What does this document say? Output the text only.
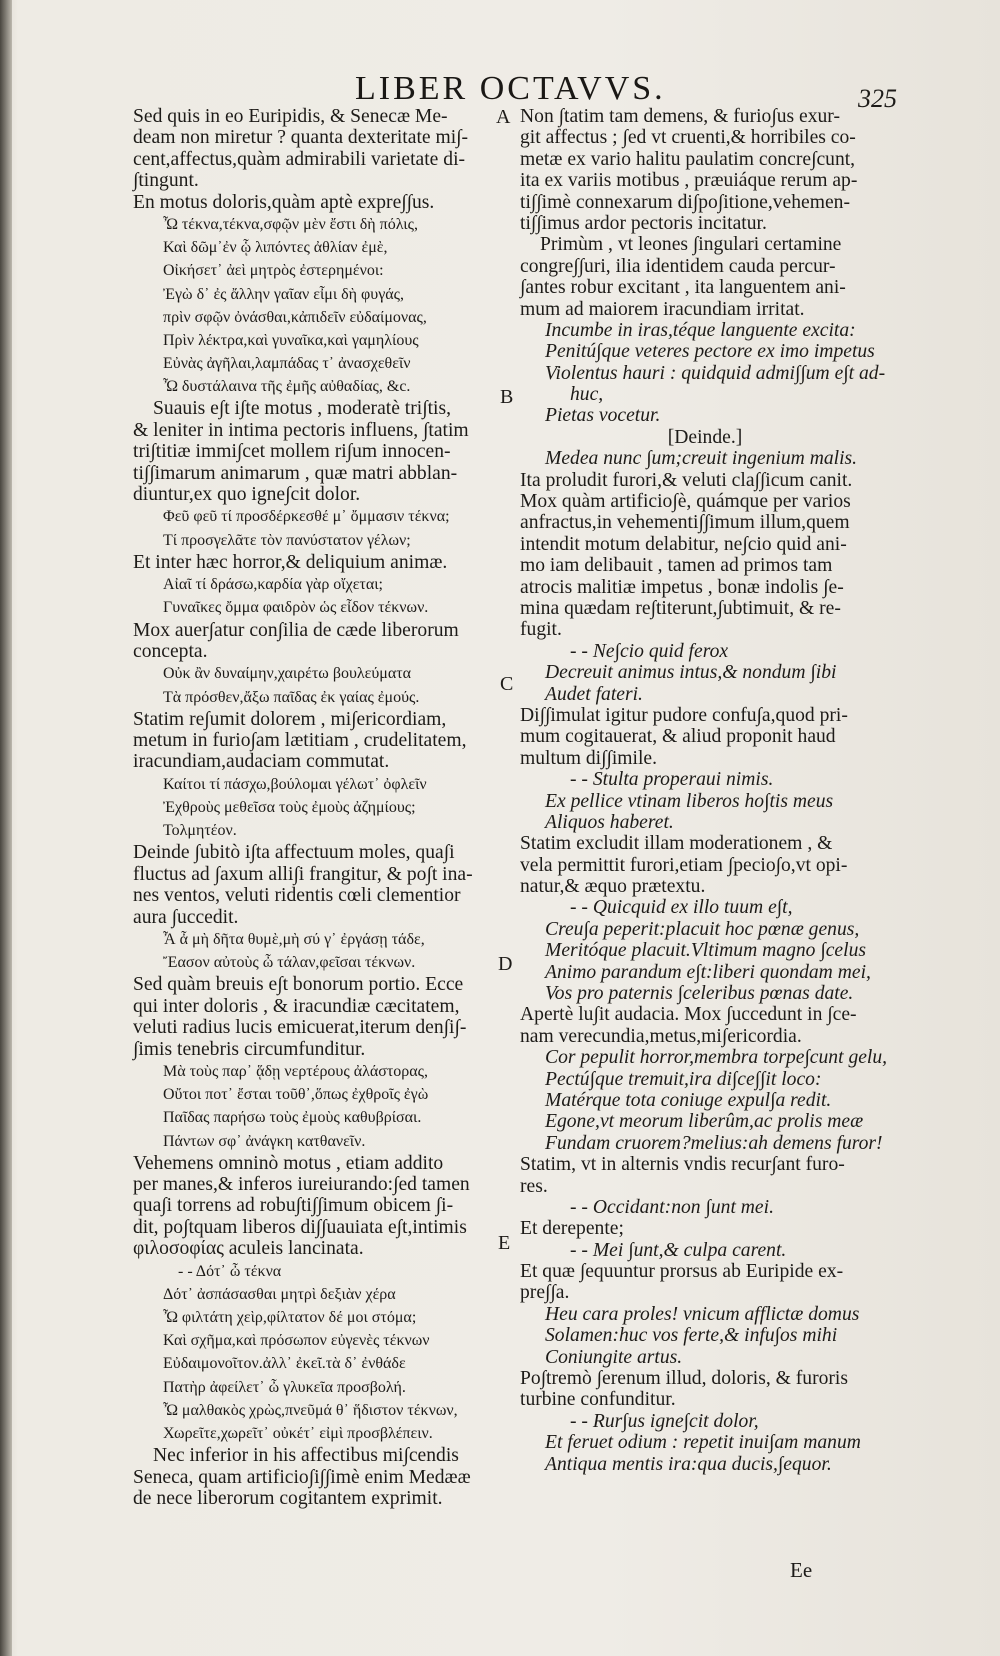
LIBER OCTAVVS.	325
A
B
C
D
E
Sed quis in eo Euripidis, & Senecæ Me-
deam non miretur ? quanta dexteritate mi∫-
cent,affectus,quàm admirabili varietate di-
∫tingunt.
En motus doloris,quàm aptè expre∫∫us.
Ὦ τέκνα,τέκνα,σφῷν μὲν ἔστι δὴ πόλις,
Καὶ δῶμ᾽ἐν ᾧ λιπόντες ἀθλίαν ἐμὲ,
Οἰκήσετ᾽ ἀεὶ μητρὸς ἐστερημένοι:
Ἐγὼ δ᾽ ἐς ἄλλην γαῖαν εἶμι δὴ φυγάς,
πρὶν σφῷν ὀνάσθαι,κἀπιδεῖν εὐδαίμονας,
Πρὶν λέκτρα,καὶ γυναῖκα,καὶ γαμηλίους
Εὐνὰς ἀγῆλαι,λαμπάδας τ᾽ ἀνασχεθεῖν
Ὦ δυστάλαινα τῆς ἐμῆς αὐθαδίας, &c.
Suauis e∫t i∫te motus , moderatè tri∫tis,
& leniter in intima pectoris influens, ∫tatim
tri∫titiæ immi∫cet mollem ri∫um innocen-
ti∫∫imarum animarum , quæ matri abblan-
diuntur,ex quo igne∫cit dolor.
Φεῦ φεῦ τί προσδέρκεσθέ μ᾽ ὄμμασιν τέκνα;
Τί προσγελᾶτε τὸν πανύστατον γέλων;
Et inter hæc horror,& deliquium animæ.
Αἰαῖ τί δράσω,καρδία γὰρ οἴχεται;
Γυναῖκες ὄμμα φαιδρὸν ὡς εἶδον τέκνων.
Mox auer∫atur con∫ilia de cæde liberorum
concepta.
Οὐκ ἂν δυναίμην,χαιρέτω βουλεύματα
Τὰ πρόσθεν,ἄξω παῖδας ἐκ γαίας ἐμούς.
Statim re∫umit dolorem , mi∫ericordiam,
metum in furio∫am lætitiam , crudelitatem,
iracundiam,audaciam commutat.
Καίτοι τί πάσχω,βούλομαι γέλωτ᾽ ὀφλεῖν
Ἐχθροὺς μεθεῖσα τοὺς ἐμοὺς ἀζημίους;
Τολμητέον.
Deinde ∫ubitò i∫ta affectuum moles, qua∫i
fluctus ad ∫axum alli∫i frangitur, & po∫t ina-
nes ventos, veluti ridentis cœli clementior
aura ∫uccedit.
Ἆ ἆ μὴ δῆτα θυμὲ,μὴ σύ γ᾽ ἐργάσῃ τάδε,
Ἔασον αὐτοὺς ὦ τάλαν,φεῖσαι τέκνων.
Sed quàm breuis e∫t bonorum portio. Ecce
qui inter doloris , & iracundiæ cæcitatem,
veluti radius lucis emicuerat,iterum den∫i∫-
∫imis tenebris circumfunditur.
Μὰ τοὺς παρ᾽ ᾅδῃ νερτέρους ἀλάστορας,
Οὔτοι ποτ᾽ ἔσται τοῦθ᾽,ὅπως ἐχθροῖς ἐγὼ
Παῖδας παρήσω τοὺς ἐμοὺς καθυβρίσαι.
Πάντων σφ᾽ ἀνάγκη κατθανεῖν.
Vehemens omninò motus , etiam addito
per manes,& inferos iureiurando:∫ed tamen
qua∫i torrens ad robu∫ti∫∫imum obicem ∫i-
dit, po∫tquam liberos di∫∫uauiata e∫t,intimis
φιλοσοφίας aculeis lancinata.
- - Δότ᾽ ὦ τέκνα
Δότ᾽ ἀσπάσασθαι μητρὶ δεξιὰν χέρα
Ὦ φιλτάτη χεὶρ,φίλτατον δέ μοι στόμα;
Καὶ σχῆμα,καὶ πρόσωπον εὐγενὲς τέκνων
Εὐδαιμονοῖτον.ἀλλ᾽ ἐκεῖ.τὰ δ᾽ ἐνθάδε
Πατὴρ ἀφείλετ᾽ ὦ γλυκεῖα προσβολή.
Ὦ μαλθακὸς χρὼς,πνεῦμά θ᾽ ἥδιστον τέκνων,
Χωρεῖτε,χωρεῖτ᾽ οὐκέτ᾽ εἰμὶ προσβλέπειν.
Nec inferior in his affectibus mi∫cendis
Seneca, quam artificio∫i∫∫imè enim Medææ
de nece liberorum cogitantem exprimit.
Non ∫tatim tam demens, & furio∫us exur-
git affectus ; ∫ed vt cruenti,& horribiles co-
metæ ex vario halitu paulatim concre∫cunt,
ita ex variis motibus , præuiáque rerum ap-
ti∫∫imè connexarum di∫po∫itione,vehemen-
ti∫∫imus ardor pectoris incitatur.
Primùm , vt leones ∫ingulari certamine
congre∫∫uri, ilia identidem cauda percur-
∫antes robur excitant , ita languentem ani-
mum ad maiorem iracundiam irritat.
Incumbe in iras,téque languente excita:
Penitú∫que veteres pectore ex imo impetus
Violentus hauri : quidquid admi∫∫um e∫t ad-
huc,
Pietas vocetur.
[Deinde.]
Medea nunc ∫um;creuit ingenium malis.
Ita proludit furori,& veluti cla∫∫icum canit.
Mox quàm artificio∫è, quámque per varios
anfractus,in vehementi∫∫imum illum,quem
intendit motum delabitur, ne∫cio quid ani-
mo iam delibauit , tamen ad primos tam
atrocis malitiæ impetus , bonæ indolis ∫e-
mina quædam re∫titerunt,∫ubtimuit, & re-
fugit.
- - Ne∫cio quid ferox
Decreuit animus intus,& nondum ∫ibi
Audet fateri.
Di∫∫imulat igitur pudore confu∫a,quod pri-
mum cogitauerat, & aliud proponit haud
multum di∫∫imile.
- - Stulta properaui nimis.
Ex pellice vtinam liberos ho∫tis meus
Aliquos haberet.
Statim excludit illam moderationem , &
vela permittit furori,etiam ∫pecio∫o,vt opi-
natur,& æquo prætextu.
- - Quicquid ex illo tuum e∫t,
Creu∫a peperit:placuit hoc pœnæ genus,
Meritóque placuit.Vltimum magno ∫celus
Animo parandum e∫t:liberi quondam mei,
Vos pro paternis ∫celeribus pœnas date.
Apertè lu∫it audacia. Mox ∫uccedunt in ∫ce-
nam verecundia,metus,mi∫ericordia.
Cor pepulit horror,membra torpe∫cunt gelu,
Pectú∫que tremuit,ira di∫ce∫∫it loco:
Matérque tota coniuge expul∫a redit.
Egone,vt meorum liberûm,ac prolis meæ
Fundam cruorem?melius:ah demens furor!
Statim, vt in alternis vndis recur∫ant furo-
res.
- - Occidant:non ∫unt mei.
Et derepente;
- - Mei ∫unt,& culpa carent.
Et quæ ∫equuntur prorsus ab Euripide ex-
pre∫∫a.
Heu cara proles! vnicum afflictæ domus
Solamen:huc vos ferte,& infu∫os mihi
Coniungite artus.
Po∫tremò ∫erenum illud, doloris, & furoris
turbine confunditur.
- - Rur∫us igne∫cit dolor,
Et feruet odium : repetit inui∫am manum
Antiqua mentis ira:qua ducis,∫equor.
Ee
